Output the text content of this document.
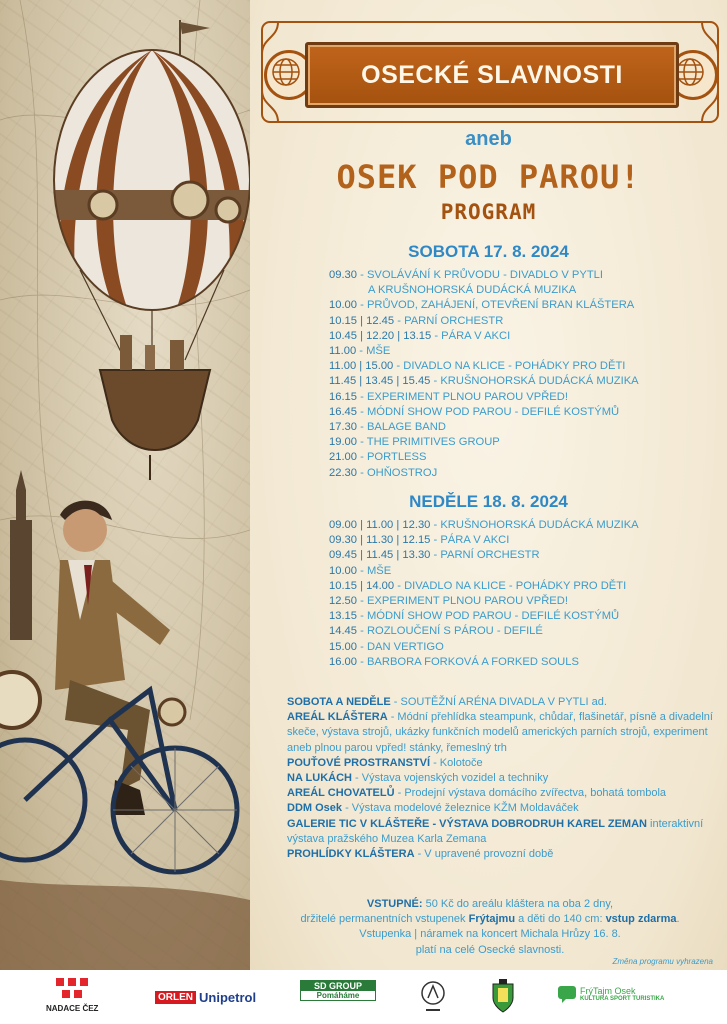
OSECKÉ SLAVNOSTI
aneb
OSEK POD PAROU!
PROGRAM
SOBOTA 17. 8. 2024
09.30 - SVOLÁVÁNÍ K PRŮVODU - DIVADLO V PYTLI
A KRUŠNOHORSKÁ DUDÁCKÁ MUZIKA
10.00 - PRŮVOD, ZAHÁJENÍ, OTEVŘENÍ BRAN KLÁŠTERA
10.15 | 12.45 - PARNÍ ORCHESTR
10.45 | 12.20 | 13.15 - PÁRA V AKCI
11.00 - MŠE
11.00 | 15.00 - DIVADLO NA KLICE - POHÁDKY PRO DĚTI
11.45 | 13.45 | 15.45 - KRUŠNOHORSKÁ DUDÁCKÁ MUZIKA
16.15 - EXPERIMENT PLNOU PAROU VPŘED!
16.45 - MÓDNÍ SHOW POD PAROU - DEFILÉ KOSTÝMŮ
17.30 - BALAGE BAND
19.00 - THE PRIMITIVES GROUP
21.00 - PORTLESS
22.30 - OHŇOSTROJ
NEDĚLE 18. 8. 2024
09.00 | 11.00 | 12.30 - KRUŠNOHORSKÁ DUDÁCKÁ MUZIKA
09.30 | 11.30 | 12.15 - PÁRA V AKCI
09.45 | 11.45 | 13.30 - PARNÍ ORCHESTR
10.00 - MŠE
10.15 | 14.00 - DIVADLO NA KLICE - POHÁDKY PRO DĚTI
12.50 - EXPERIMENT PLNOU PAROU VPŘED!
13.15 - MÓDNÍ SHOW POD PAROU - DEFILÉ KOSTÝMŮ
14.45 - ROZLOUČENÍ S PÁROU - DEFILÉ
15.00 - DAN VERTIGO
16.00 - BARBORA FORKOVÁ A FORKED SOULS

SOBOTA A NEDĚLE - SOUTĚŽNÍ ARÉNA DIVADLA V PYTLI ad.

AREÁL KLÁŠTERA - Módní přehlídka steampunk, chůdař, flašinetář, písně a divadelní skeče, výstava strojů, ukázky funkčních modelů amerických parních strojů, experiment aneb plnou parou vpřed! stánky, řemeslný trh

POUŤOVÉ PROSTRANSTVÍ - Kolotoče

NA LUKÁCH - Výstava vojenských vozidel a techniky

AREÁL CHOVATELŮ - Prodejní výstava domácího zvířectva, bohatá tombola

DDM Osek - Výstava modelové železnice KŽM Moldaváček

GALERIE TIC V KLÁŠTEŘE - VÝSTAVA DOBRODRUH KAREL ZEMAN interaktivní výstava pražského Muzea Karla Zemana

PROHLÍDKY KLÁŠTERA - V upravené provozní době

VSTUPNÉ: 50 Kč do areálu kláštera na oba 2 dny,

držitelé permanentních vstupenek Frýtajmu a děti do 140 cm: vstup zdarma.

Vstupenka | náramek na koncert Michala Hrůzy 16. 8.

platí na celé Osecké slavnosti.

Změna programu vyhrazena
NADACE ČEZ
ORLEN Unipetrol
SD GROUP
Pomáháme	FrýTajm Osek
KULTURA SPORT TURISTIKA
